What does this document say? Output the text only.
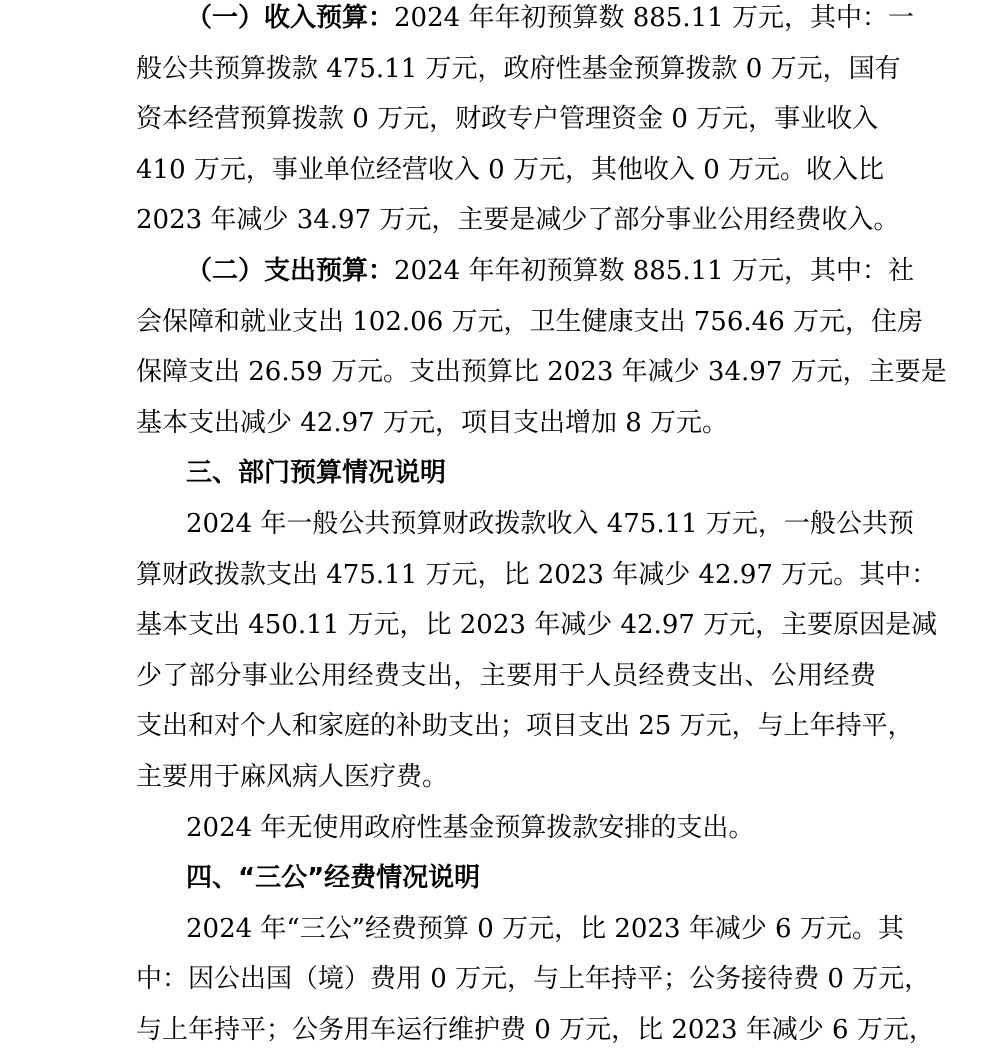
（一）收入预算：2024 年年初预算数 885.11 万元，其中：一
般公共预算拨款 475.11 万元，政府性基金预算拨款 0 万元，国有
资本经营预算拨款 0 万元，财政专户管理资金 0 万元，事业收入
410 万元，事业单位经营收入 0 万元，其他收入 0 万元。收入比
2023 年减少 34.97 万元，主要是减少了部分事业公用经费收入。
（二）支出预算：2024 年年初预算数 885.11 万元，其中：社
会保障和就业支出 102.06 万元，卫生健康支出 756.46 万元，住房
保障支出 26.59 万元。支出预算比 2023 年减少 34.97 万元，主要是
基本支出减少 42.97 万元，项目支出增加 8 万元。
三、部门预算情况说明
2024 年一般公共预算财政拨款收入 475.11 万元，一般公共预
算财政拨款支出 475.11 万元，比 2023 年减少 42.97 万元。其中：
基本支出 450.11 万元，比 2023 年减少 42.97 万元，主要原因是减
少了部分事业公用经费支出，主要用于人员经费支出、公用经费
支出和对个人和家庭的补助支出；项目支出 25 万元，与上年持平，
主要用于麻风病人医疗费。
2024 年无使用政府性基金预算拨款安排的支出。
四、“三公”经费情况说明
2024 年“三公”经费预算 0 万元，比 2023 年减少 6 万元。其
中：因公出国（境）费用 0 万元，与上年持平；公务接待费 0 万元，
与上年持平；公务用车运行维护费 0 万元，比 2023 年减少 6 万元，
